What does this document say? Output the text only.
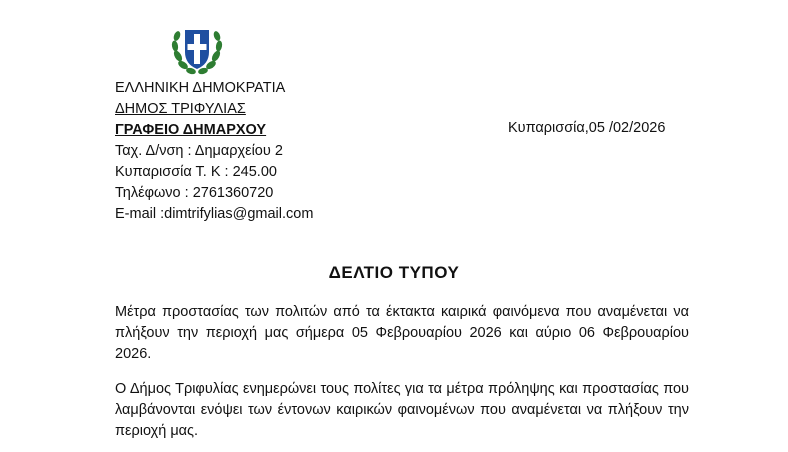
ΕΛΛΗΝΙΚΗ ΔΗΜΟΚΡΑΤΙΑ
ΔΗΜΟΣ ΤΡΙΦΥΛΙΑΣ
ΓΡΑΦΕΙΟ ΔΗΜΑΡΧΟΥ
Ταχ. Δ/νση : Δημαρχείου 2
Κυπαρισσία Τ. Κ : 245.00
Τηλέφωνο : 2761360720
E-mail :dimtrifylias@gmail.com
Κυπαρισσία,05 /02/2026
ΔΕΛΤΙΟ ΤΥΠΟΥ
Μέτρα προστασίας των πολιτών από τα έκτακτα καιρικά φαινόμενα που αναμένεται να πλήξουν την περιοχή μας σήμερα 05 Φεβρουαρίου 2026 και αύριο 06 Φεβρουαρίου 2026.
Ο Δήμος Τριφυλίας ενημερώνει τους πολίτες για τα μέτρα πρόληψης και προστασίας που λαμβάνονται ενόψει των έντονων καιρικών φαινομένων που αναμένεται να πλήξουν την περιοχή μας.
